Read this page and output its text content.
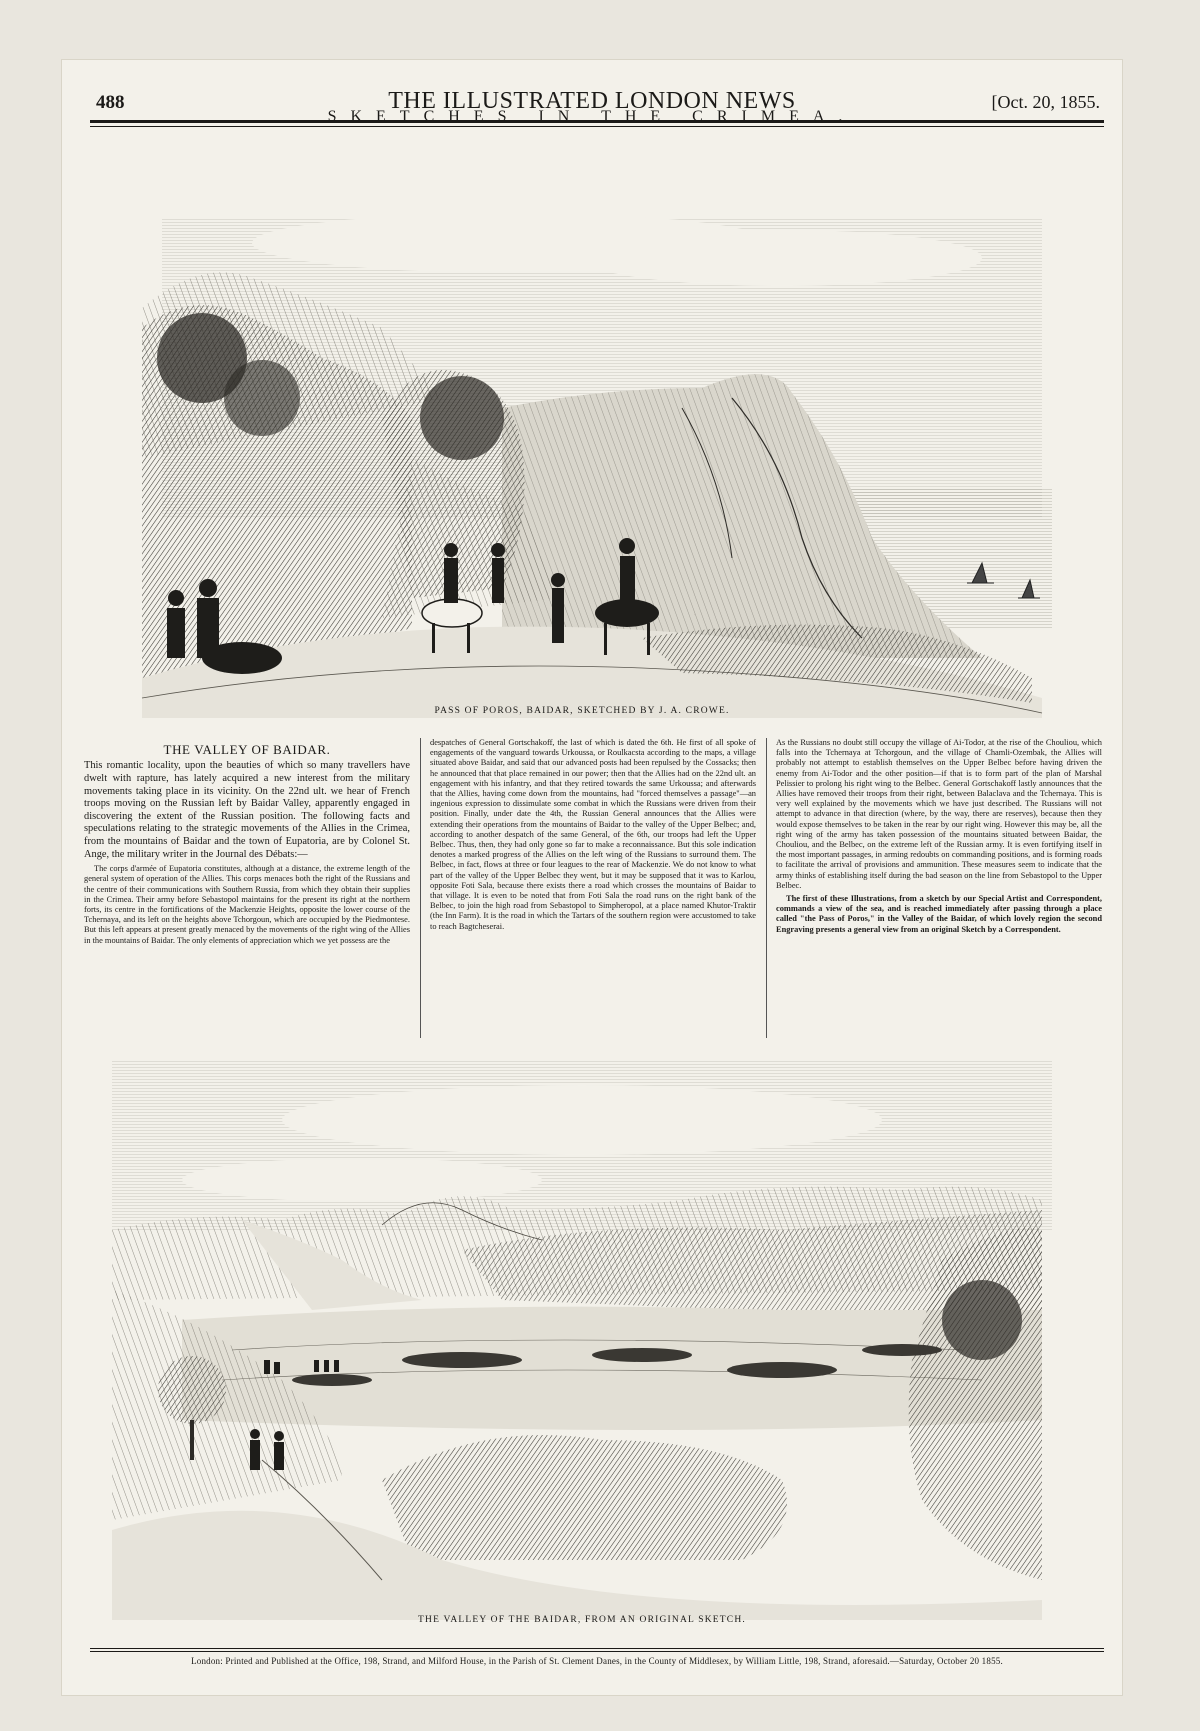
488	THE ILLUSTRATED LONDON NEWS	[Oct. 20, 1855.
SKETCHES IN THE CRIMEA.
PASS OF POROS, BAIDAR, SKETCHED BY J. A. CROWE.
THE VALLEY OF BAIDAR.

This romantic locality, upon the beauties of which so many travellers have dwelt with rapture, has lately acquired a new interest from the military movements taking place in its vicinity. On the 22nd ult. we hear of French troops moving on the Russian left by Baidar Valley, apparently engaged in discovering the extent of the Russian position. The following facts and speculations relating to the strategic movements of the Allies in the Crimea, from the mountains of Baidar and the town of Eupatoria, are by Colonel St. Ange, the military writer in the Journal des Débats:—

The corps d'armée of Eupatoria constitutes, although at a distance, the extreme length of the general system of operation of the Allies. This corps menaces both the right of the Russians and the centre of their communications with Southern Russia, from which they obtain their supplies in the Crimea. Their army before Sebastopol maintains for the present its right at the northern forts, its centre in the fortifications of the Mackenzie Heights, opposite the lower course of the Tchernaya, and its left on the heights above Tchorgoun, which are occupied by the Piedmontese. But this left appears at present greatly menaced by the movements of the right wing of the Allies in the mountains of Baidar. The only elements of appreciation which we yet possess are the

despatches of General Gortschakoff, the last of which is dated the 6th. He first of all spoke of engagements of the vanguard towards Urkoussa, or Roulkacsta according to the maps, a village situated above Baidar, and said that our advanced posts had been repulsed by the Cossacks; then he announced that that place remained in our power; then that the Allies had on the 22nd ult. an engagement with his infantry, and that they retired towards the same Urkoussa; and afterwards that the Allies, having come down from the mountains, had "forced themselves a passage"—an ingenious expression to dissimulate some combat in which the Russians were driven from their position. Finally, under date the 4th, the Russian General announces that the Allies were extending their operations from the mountains of Baidar to the valley of the Upper Belbec; and, according to another despatch of the same General, of the 6th, our troops had left the Upper Belbec. Thus, then, they had only gone so far to make a reconnaissance. But this sole indication denotes a marked progress of the Allies on the left wing of the Russians to surround them. The Belbec, in fact, flows at three or four leagues to the rear of Mackenzie. We do not know to what part of the valley of the Upper Belbec they went, but it may be supposed that it was to Karlou, opposite Foti Sala, because there exists there a road which crosses the mountains of Baidar to that village. It is even to be noted that from Foti Sala the road runs on the right bank of the Belbec, to join the high road from Sebastopol to Simpheropol, at a place named Khutor-Traktir (the Inn Farm). It is the road in which the Tartars of the southern region were accustomed to take to reach Bagtcheserai.

As the Russians no doubt still occupy the village of Ai-Todor, at the rise of the Chouliou, which falls into the Tchernaya at Tchorgoun, and the village of Chamli-Ozembak, the Allies will probably not attempt to establish themselves on the Upper Belbec before having driven the enemy from Ai-Todor and the other position—if that is to form part of the plan of Marshal Pelissier to prolong his right wing to the Belbec. General Gortschakoff lastly announces that the Allies have removed their troops from their right, between Balaclava and the Tchernaya. This is very well explained by the movements which we have just described. The Russians will not attempt to advance in that direction (where, by the way, there are reserves), because then they would expose themselves to be taken in the rear by our right wing. However this may be, all the right wing of the army has taken possession of the mountains situated between Baidar, the Chouliou, and the Belbec, on the extreme left of the Russian army. It is even fortifying itself in the most important passages, in arming redoubts on commanding positions, and is forming roads to facilitate the arrival of provisions and ammunition. These measures seem to indicate that the army thinks of establishing itself during the bad season on the line from Sebastopol to the Upper Belbec.

The first of these Illustrations, from a sketch by our Special Artist and Correspondent, commands a view of the sea, and is reached immediately after passing through a place called "the Pass of Poros," in the Valley of the Baidar, of which lovely region the second Engraving presents a general view from an original Sketch by a Correspondent.

THE VALLEY OF THE BAIDAR, FROM AN ORIGINAL SKETCH.
London: Printed and Published at the Office, 198, Strand, and Milford House, in the Parish of St. Clement Danes, in the County of Middlesex, by William Little, 198, Strand, aforesaid.—Saturday, October 20 1855.
